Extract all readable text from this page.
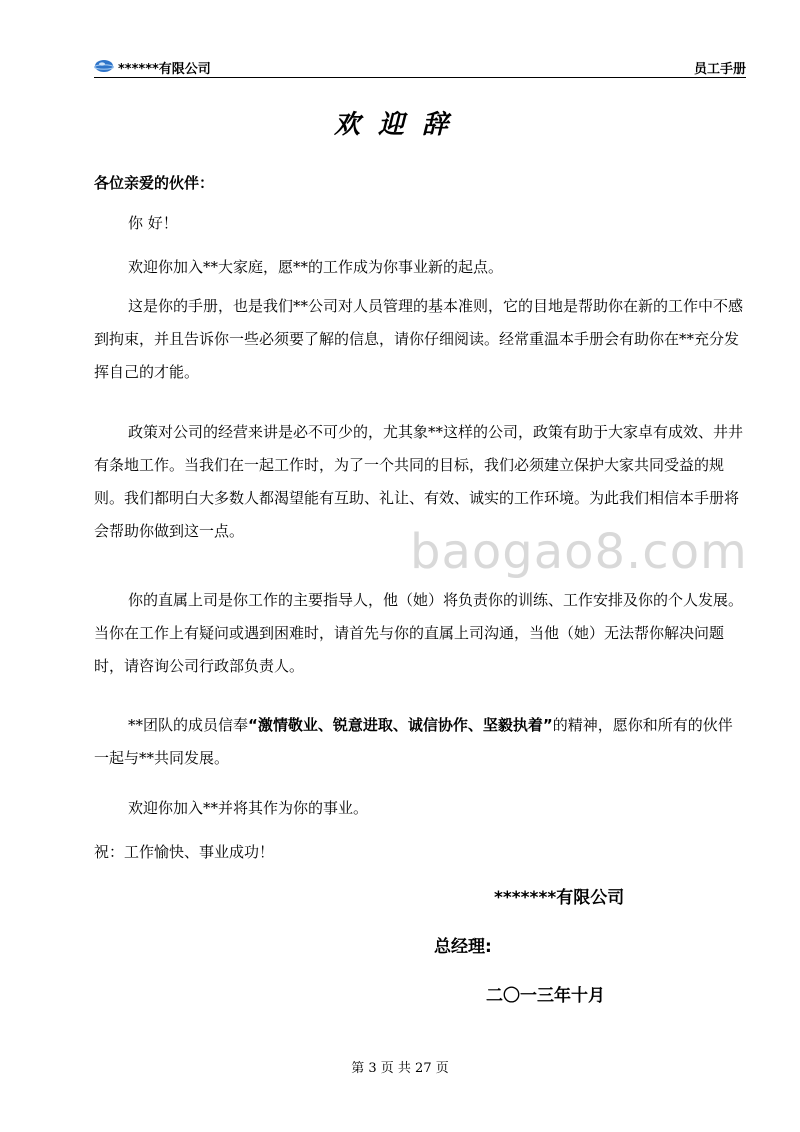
******有限公司	员工手册
欢迎辞
各位亲爱的伙伴：
你 好！
欢迎你加入**大家庭，愿**的工作成为你事业新的起点。
这是你的手册，也是我们**公司对人员管理的基本准则，它的目地是帮助你在新的工作中不感到拘束，并且告诉你一些必须要了解的信息，请你仔细阅读。经常重温本手册会有助你在**充分发挥自己的才能。
政策对公司的经营来讲是必不可少的，尤其象**这样的公司，政策有助于大家卓有成效、井井有条地工作。当我们在一起工作时，为了一个共同的目标，我们必须建立保护大家共同受益的规则。我们都明白大多数人都渴望能有互助、礼让、有效、诚实的工作环境。为此我们相信本手册将会帮助你做到这一点。
你的直属上司是你工作的主要指导人，他（她）将负责你的训练、工作安排及你的个人发展。当你在工作上有疑问或遇到困难时，请首先与你的直属上司沟通，当他（她）无法帮你解决问题时，请咨询公司行政部负责人。
**团队的成员信奉“激情敬业、锐意进取、诚信协作、坚毅执着”的精神，愿你和所有的伙伴一起与**共同发展。
欢迎你加入**并将其作为你的事业。
祝：工作愉快、事业成功！
*******有限公司
总经理:
二〇一三年十月
baogao8.com
第 3 页 共 27 页
